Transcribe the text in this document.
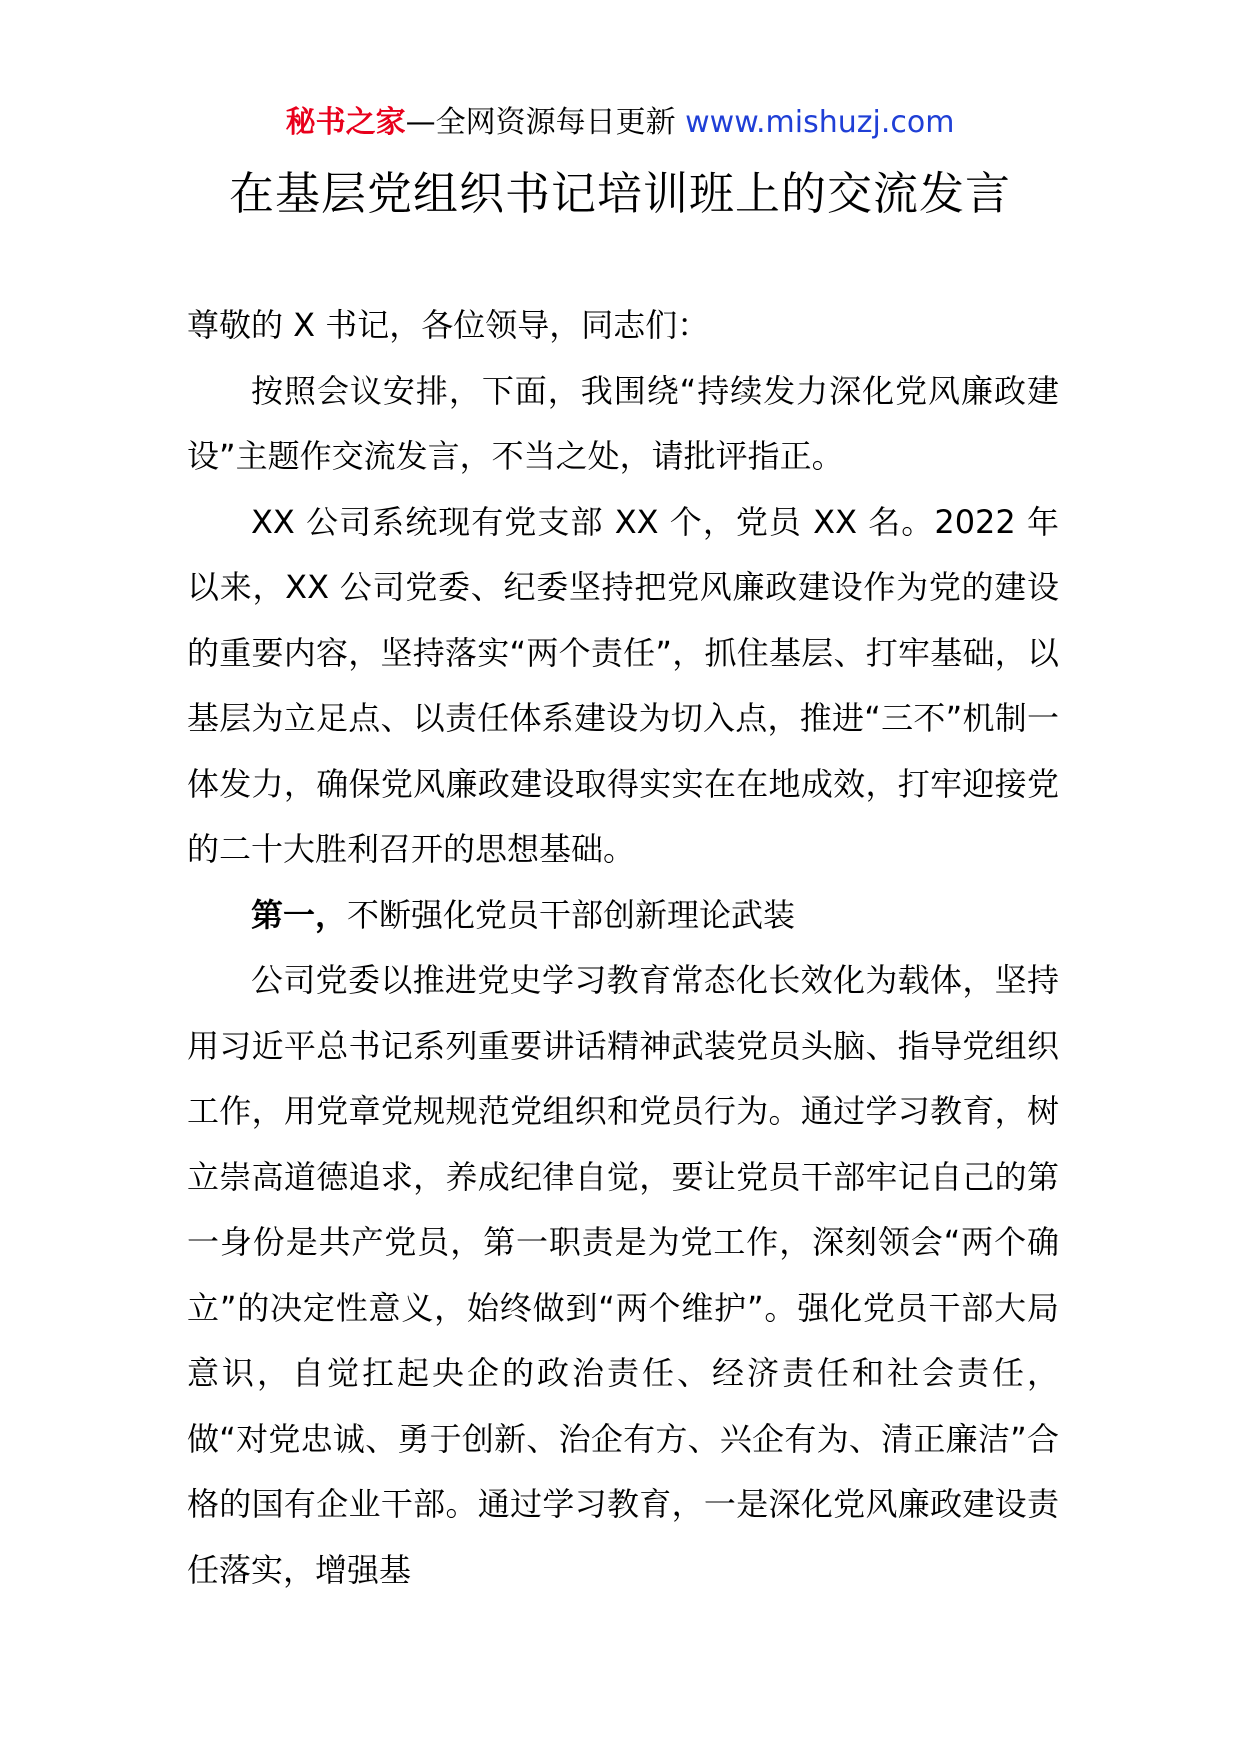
秘书之家—全网资源每日更新 www.mishuzj.com
在基层党组织书记培训班上的交流发言

尊敬的 X 书记，各位领导，同志们：

按照会议安排，下面，我围绕“持续发力深化党风廉政建设”主题作交流发言，不当之处，请批评指正。

XX 公司系统现有党支部 XX 个，党员 XX 名。2022 年以来，XX 公司党委、纪委坚持把党风廉政建设作为党的建设的重要内容，坚持落实“两个责任”，抓住基层、打牢基础，以基层为立足点、以责任体系建设为切入点，推进“三不”机制一体发力，确保党风廉政建设取得实实在在地成效，打牢迎接党的二十大胜利召开的思想基础。

第一，不断强化党员干部创新理论武装

公司党委以推进党史学习教育常态化长效化为载体，坚持用习近平总书记系列重要讲话精神武装党员头脑、指导党组织工作，用党章党规规范党组织和党员行为。通过学习教育，树立崇高道德追求，养成纪律自觉，要让党员干部牢记自己的第一身份是共产党员，第一职责是为党工作，深刻领会“两个确立”的决定性意义，始终做到“两个维护”。强化党员干部大局意识，自觉扛起央企的政治责任、经济责任和社会责任，做“对党忠诚、勇于创新、治企有方、兴企有为、清正廉洁”合格的国有企业干部。通过学习教育，一是深化党风廉政建设责任落实，增强基
